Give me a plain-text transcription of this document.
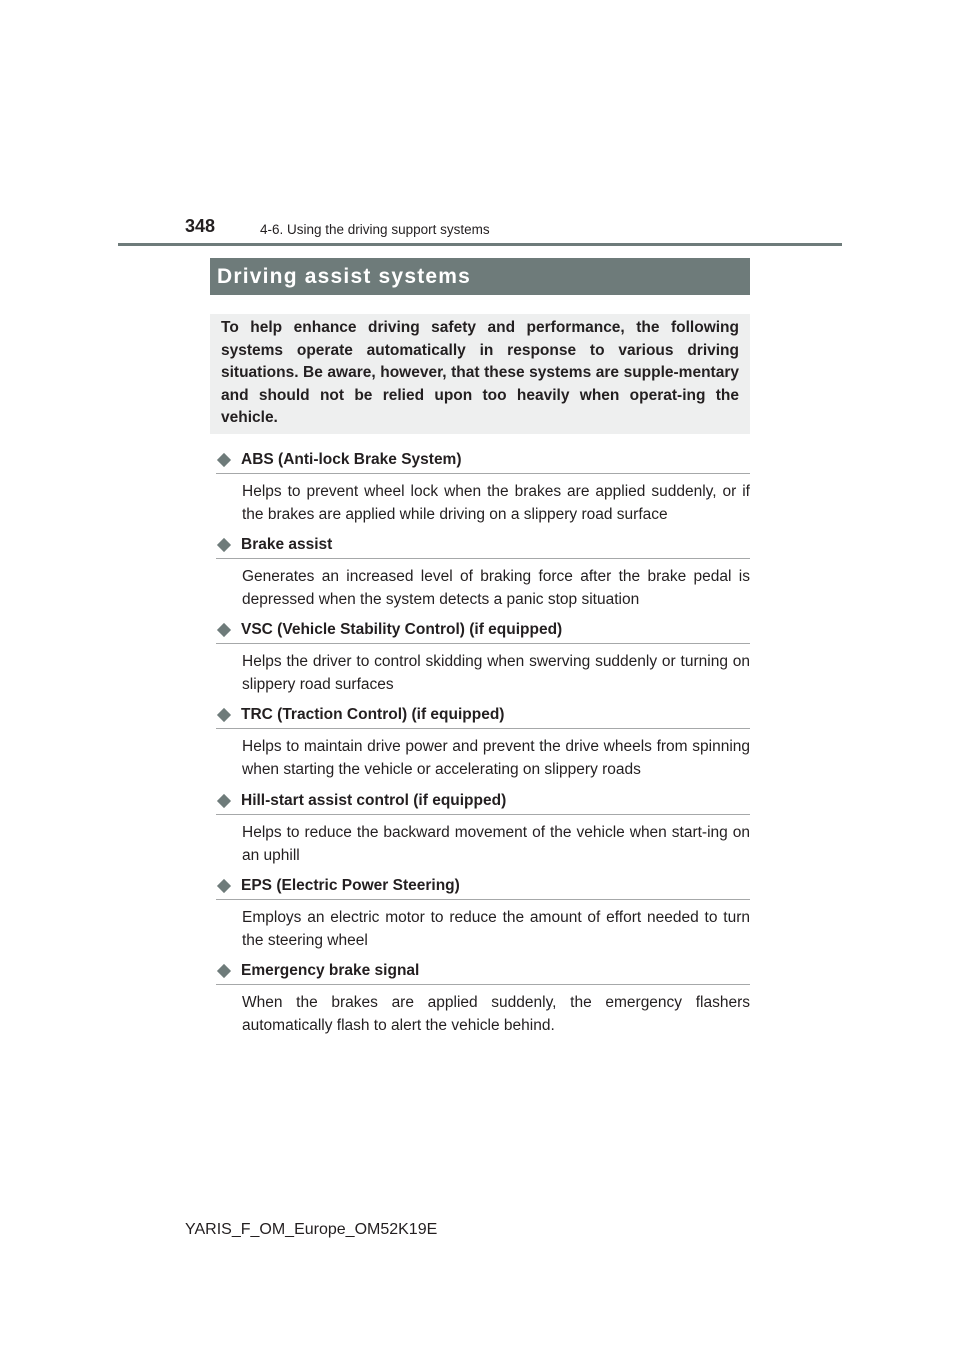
348	4-6. Using the driving support systems
Driving assist systems
To help enhance driving safety and performance, the following systems operate automatically in response to various driving situations. Be aware, however, that these systems are supple-mentary and should not be relied upon too heavily when operat-ing the vehicle.
ABS (Anti-lock Brake System)
Helps to prevent wheel lock when the brakes are applied suddenly, or if the brakes are applied while driving on a slippery road surface
Brake assist
Generates an increased level of braking force after the brake pedal is depressed when the system detects a panic stop situation
VSC (Vehicle Stability Control) (if equipped)
Helps the driver to control skidding when swerving suddenly or turning on slippery road surfaces
TRC (Traction Control) (if equipped)
Helps to maintain drive power and prevent the drive wheels from spinning when starting the vehicle or accelerating on slippery roads
Hill-start assist control (if equipped)
Helps to reduce the backward movement of the vehicle when start-ing on an uphill
EPS (Electric Power Steering)
Employs an electric motor to reduce the amount of effort needed to turn the steering wheel
Emergency brake signal
When the brakes are applied suddenly, the emergency flashers automatically flash to alert the vehicle behind.
YARIS_F_OM_Europe_OM52K19E
